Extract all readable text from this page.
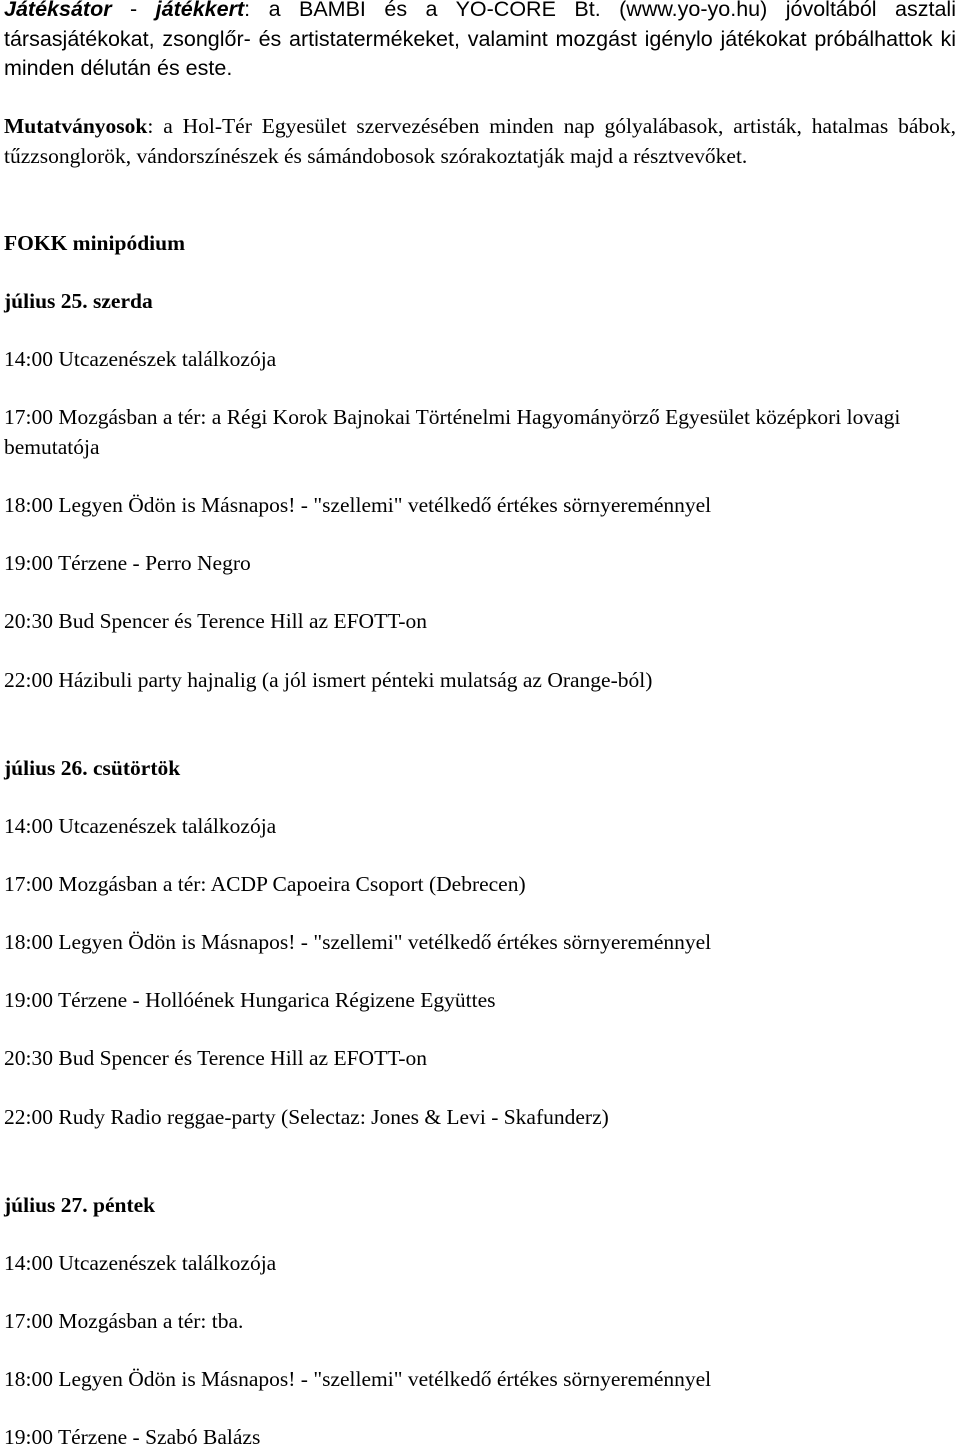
Játéksátor - játékkert: a BAMBI és a YO-CORE Bt. (www.yo-yo.hu) jóvoltából asztali társasjátékokat, zsonglőr- és artistatermékeket, valamint mozgást igénylo játékokat próbálhattok ki minden délután és este.

Mutatványosok: a Hol-Tér Egyesület szervezésében minden nap gólyalábasok, artisták, hatalmas bábok, tűzzsonglorök, vándorszínészek és sámándobosok szórakoztatják majd a résztvevőket.

FOKK minipódium
július 25. szerda
14:00 Utcazenészek találkozója
17:00 Mozgásban a tér: a Régi Korok Bajnokai Történelmi Hagyományörző Egyesület középkori lovagi bemutatója
18:00 Legyen Ödön is Másnapos! - "szellemi" vetélkedő értékes sörnyereménnyel
19:00 Térzene - Perro Negro
20:30 Bud Spencer és Terence Hill az EFOTT-on
22:00 Házibuli party hajnalig (a jól ismert pénteki mulatság az Orange-ból)
július 26. csütörtök
14:00 Utcazenészek találkozója
17:00 Mozgásban a tér: ACDP Capoeira Csoport (Debrecen)
18:00 Legyen Ödön is Másnapos! - "szellemi" vetélkedő értékes sörnyereménnyel
19:00 Térzene - Hollóének Hungarica Régizene Együttes
20:30 Bud Spencer és Terence Hill az EFOTT-on
22:00 Rudy Radio reggae-party (Selectaz: Jones & Levi - Skafunderz)
július 27. péntek
14:00 Utcazenészek találkozója
17:00 Mozgásban a tér: tba.
18:00 Legyen Ödön is Másnapos! - "szellemi" vetélkedő értékes sörnyereménnyel
19:00 Térzene - Szabó Balázs
